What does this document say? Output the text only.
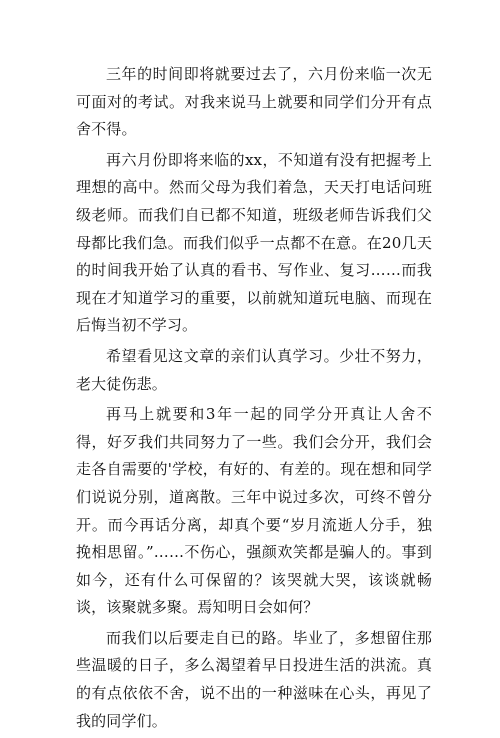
三年的时间即将就要过去了，六月份来临一次无可面对的考试。对我来说马上就要和同学们分开有点舍不得。

再六月份即将来临的xx，不知道有没有把握考上理想的高中。然而父母为我们着急，天天打电话问班级老师。而我们自已都不知道，班级老师告诉我们父母都比我们急。而我们似乎一点都不在意。在20几天的时间我开始了认真的看书、写作业、复习……而我现在才知道学习的重要，以前就知道玩电脑、而现在后悔当初不学习。

希望看见这文章的亲们认真学习。少壮不努力，老大徒伤悲。

再马上就要和3年一起的同学分开真让人舍不得，好歹我们共同努力了一些。我们会分开，我们会走各自需要的'学校，有好的、有差的。现在想和同学们说说分别，道离散。三年中说过多次，可终不曾分开。而今再话分离，却真个要“岁月流逝人分手，独挽相思留。”……不伤心，强颜欢笑都是骗人的。事到如今，还有什么可保留的？该哭就大哭，该谈就畅谈，该聚就多聚。焉知明日会如何？

而我们以后要走自已的路。毕业了，多想留住那些温暖的日子，多么渴望着早日投进生活的洪流。真的有点依依不舍，说不出的一种滋味在心头，再见了我的同学们。
